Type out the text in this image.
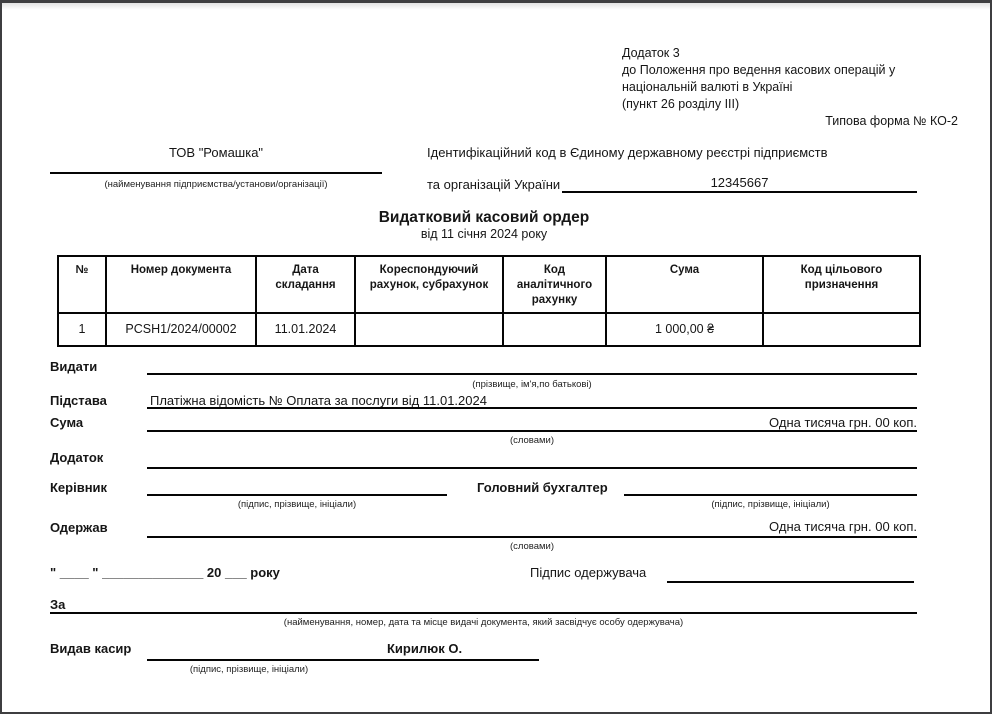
Додаток 3
до Положення про ведення касових операцій у
національній валюті в Україні
(пункт 26 розділу III)
Типова форма № КО-2
ТОВ "Ромашка"
(найменування підприємства/установи/організації)
Ідентифікаційний код в Єдиному державному реєстрі підприємств
та організацій України	12345667
Видатковий касовий ордер
від 11 січня 2024 року
№	Номер документа	Дата складання	Кореспондуючий рахунок, субрахунок	Код аналітичного рахунку	Сума	Код цільового призначення
1	PCSH1/2024/00002	11.01.2024			1 000,00 ₴	
Видати
(прізвище, ім'я,по батькові)
Підстава	Платіжна відомість № Оплата за послуги від 11.01.2024
Сума	Одна тисяча грн. 00 коп.
(словами)
Додаток
Керівник
(підпис, прізвище, ініціали)
Головний бухгалтер
(підпис, прізвище, ініціали)
Одержав	Одна тисяча грн. 00 коп.
(словами)
" ____ " ______________ 20 ___ року	Підпис одержувача
За
(найменування, номер, дата та місце видачі документа, який засвідчує особу одержувача)
Видав касир	Кирилюк О.
(підпис, прізвище, ініціали)
